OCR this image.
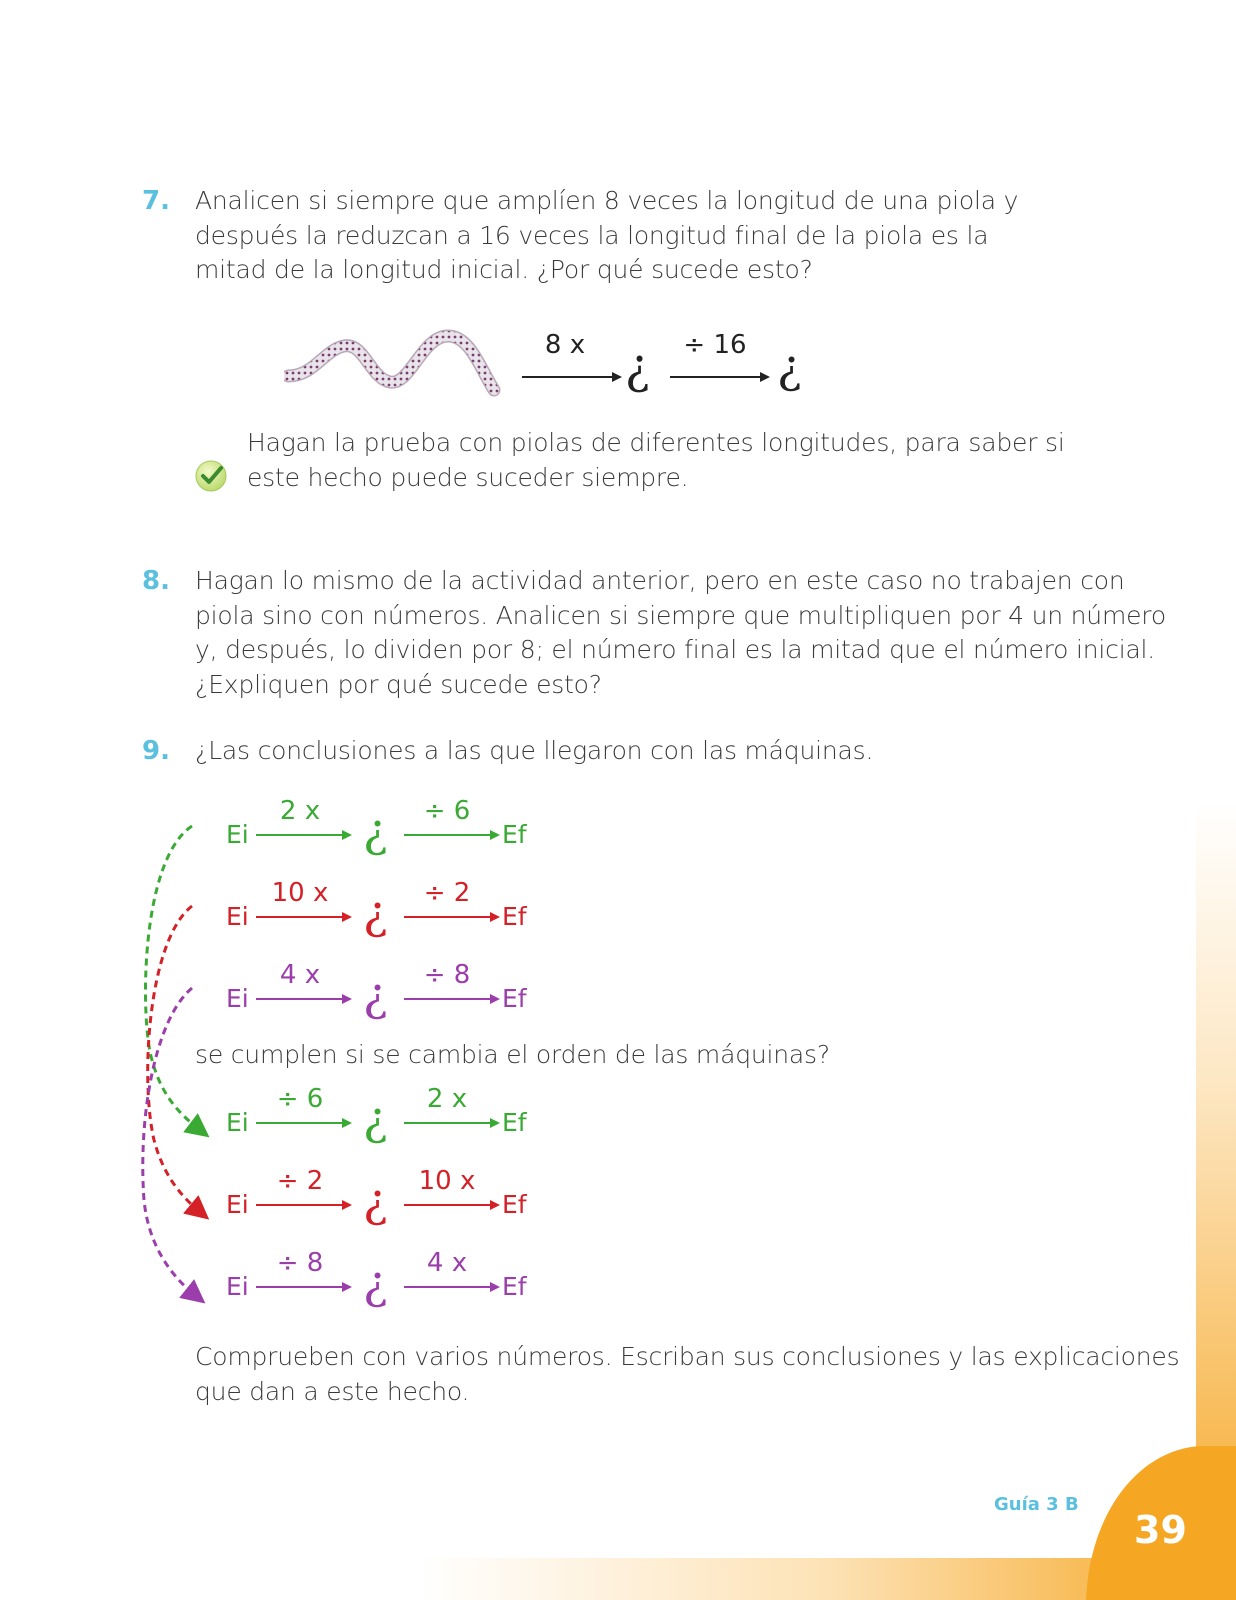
7. Analicen si siempre que amplíen 8 veces la longitud de una piola y
después la reduzcan a 16 veces la longitud final de la piola es la
mitad de la longitud inicial. ¿Por qué sucede esto?
8 x ?	÷ 16
?
Hagan la prueba con piolas de diferentes longitudes, para saber si
este hecho puede suceder siempre.
8. Hagan lo mismo de la actividad anterior, pero en este caso no trabajen con
piola sino con números. Analicen si siempre que multipliquen por 4 un número
y, después, lo dividen por 8; el número final es la mitad que el número inicial.
¿Expliquen por qué sucede esto?
9. ¿Las conclusiones a las que llegaron con las máquinas.
se cumplen si se cambia el orden de las máquinas?
Ei
2 x ?	÷ 6
Ef
Ei
10 x ?	÷ 2
Ef
Ei
4 x ?	÷ 8
Ef
Ei
÷ 6 ?	2 x
Ef
Ei
÷ 2 ?	10 x
Ef
Ei
÷ 8 ?	4 x
Ef
Comprueben con varios números. Escriban sus conclusiones y las explicaciones
que dan a este hecho.
Guía 3 B
39
